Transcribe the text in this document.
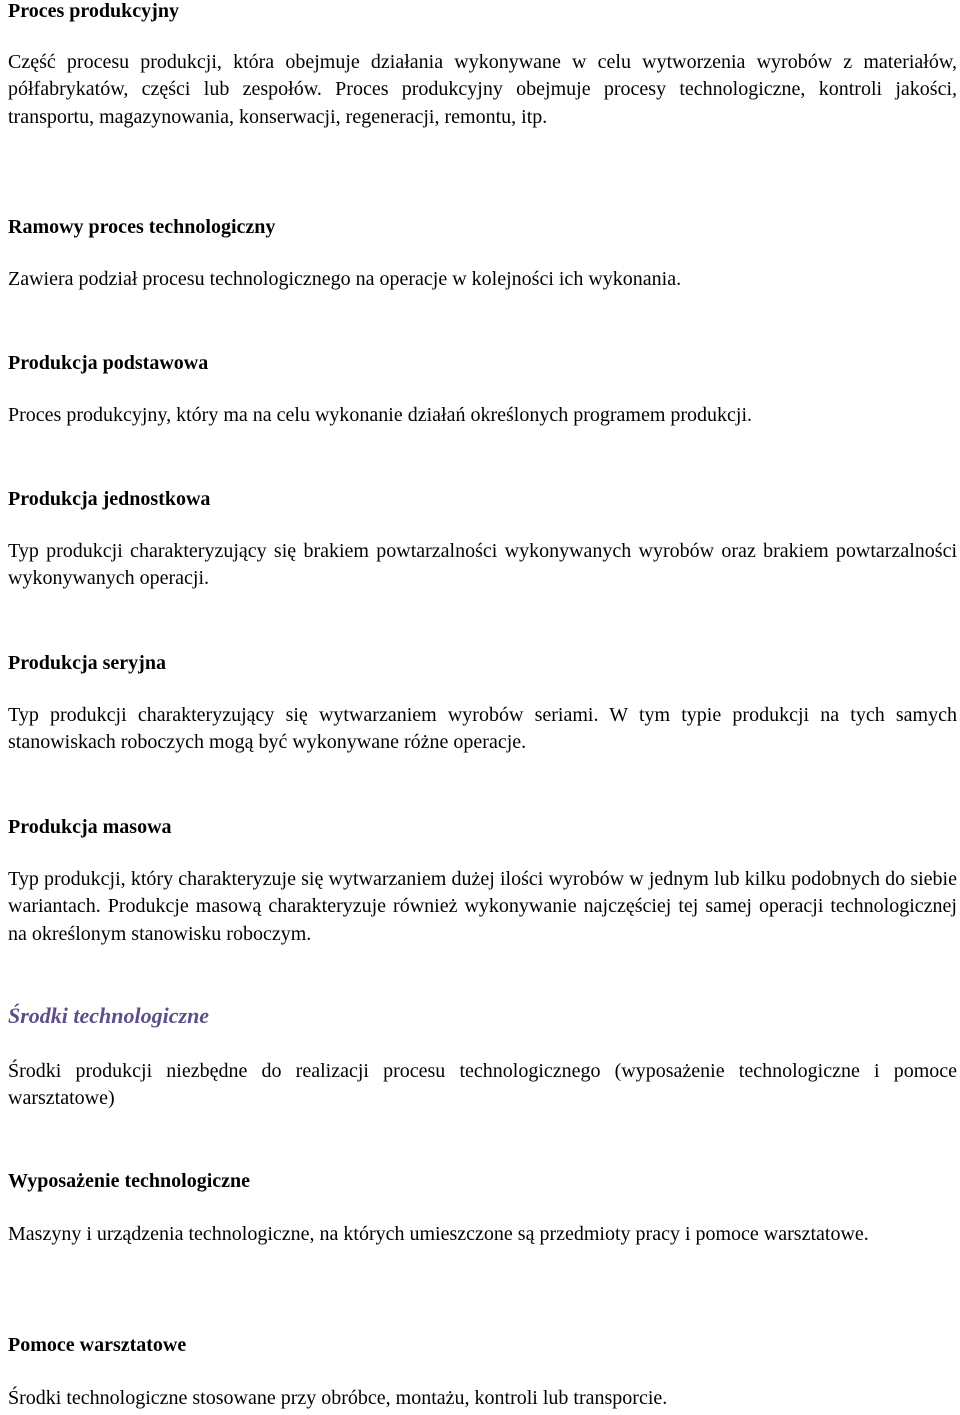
Proces produkcyjny

Część procesu produkcji, która obejmuje działania wykonywane w celu wytworzenia wyrobów z materiałów, półfabrykatów, części lub zespołów. Proces produkcyjny obejmuje procesy technologiczne, kontroli jakości, transportu, magazynowania, konserwacji, regeneracji, remontu, itp.

Ramowy proces technologiczny

Zawiera podział procesu technologicznego na operacje w kolejności ich wykonania.

Produkcja podstawowa

Proces produkcyjny, który ma na celu wykonanie działań określonych programem produkcji.

Produkcja jednostkowa

Typ produkcji charakteryzujący się brakiem powtarzalności wykonywanych wyrobów oraz brakiem powtarzalności wykonywanych operacji.

Produkcja seryjna

Typ produkcji charakteryzujący się wytwarzaniem wyrobów seriami. W tym typie produkcji na tych samych stanowiskach roboczych mogą być wykonywane różne operacje.

Produkcja masowa

Typ produkcji, który charakteryzuje się wytwarzaniem dużej ilości wyrobów w jednym lub kilku podobnych do siebie wariantach. Produkcje masową charakteryzuje również wykonywanie najczęściej tej samej operacji technologicznej na określonym stanowisku roboczym.

Środki technologiczne

Środki produkcji niezbędne do realizacji procesu technologicznego (wyposażenie technologiczne i pomoce warsztatowe)

Wyposażenie technologiczne

Maszyny i urządzenia technologiczne, na których umieszczone są przedmioty pracy i pomoce warsztatowe.

Pomoce warsztatowe

Środki technologiczne stosowane przy obróbce, montażu, kontroli lub transporcie.
